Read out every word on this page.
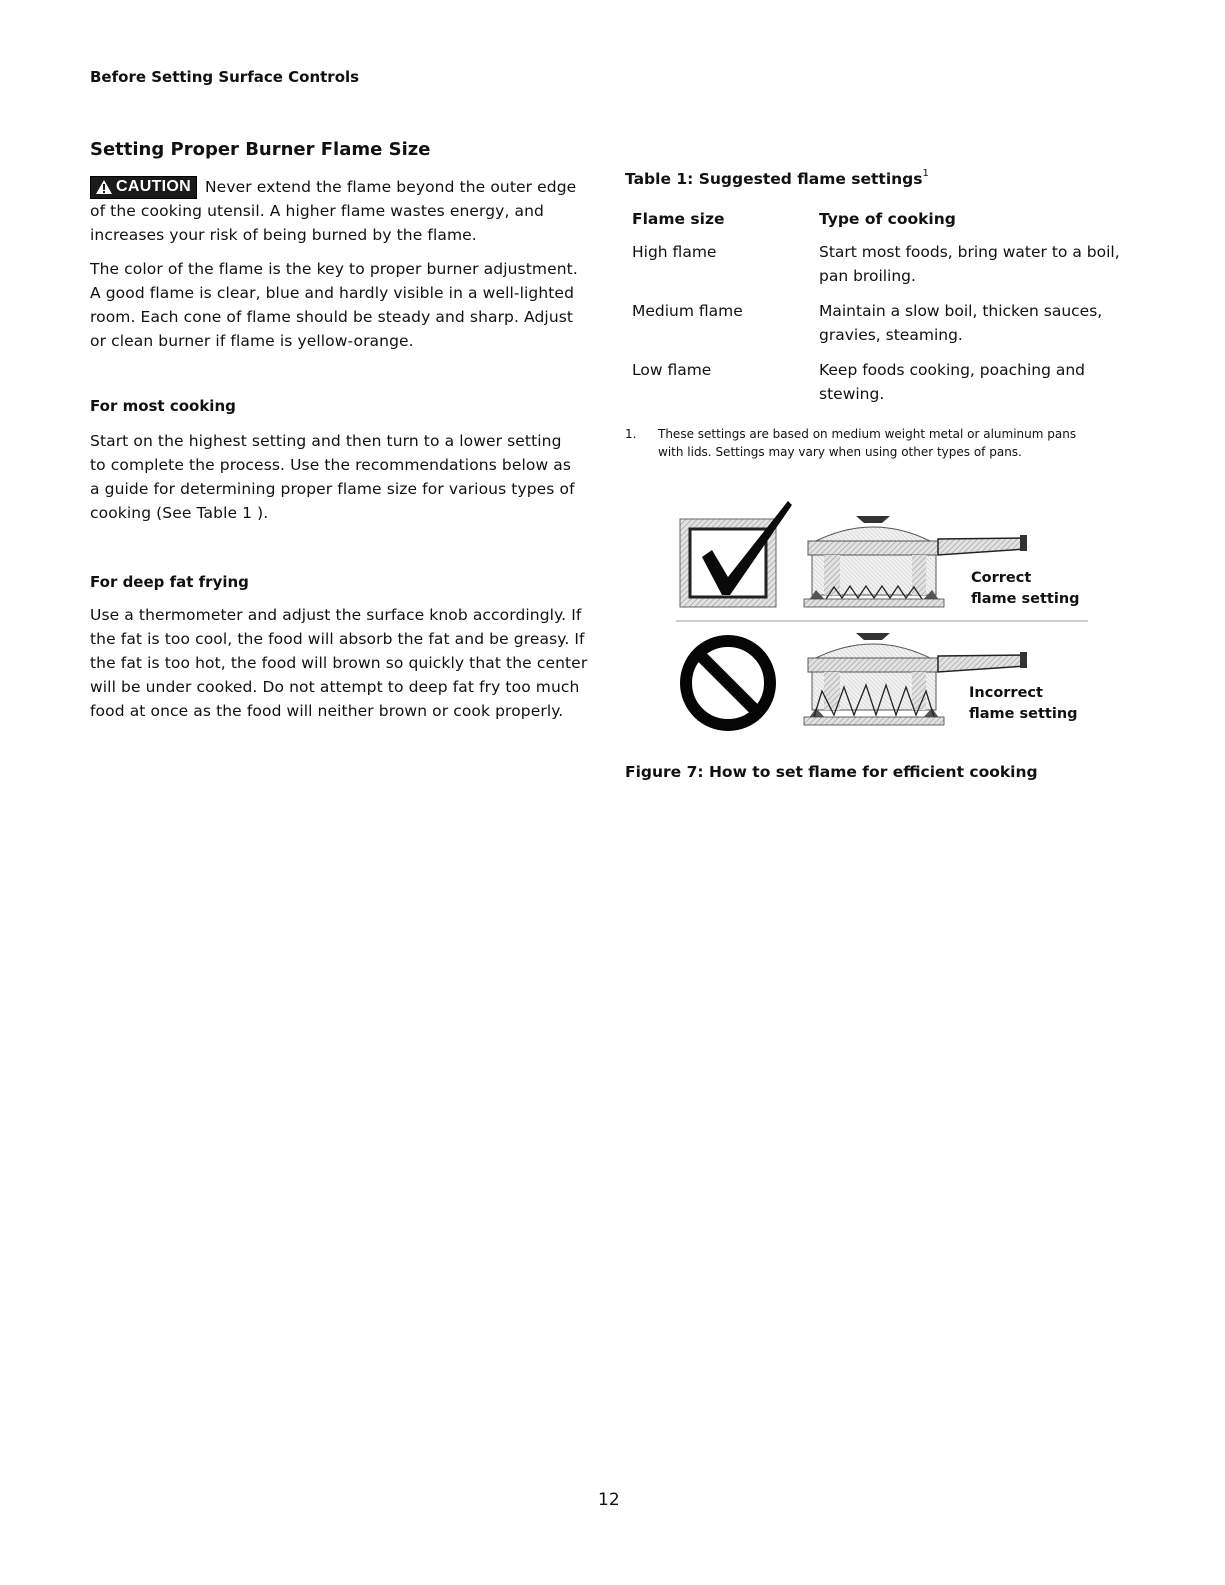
Before Setting Surface Controls
Setting Proper Burner Flame Size
CAUTION Never extend the flame beyond the outer edge of the cooking utensil. A higher flame wastes energy, and increases your risk of being burned by the flame.
The color of the flame is the key to proper burner adjustment. A good flame is clear, blue and hardly visible in a well-lighted room. Each cone of flame should be steady and sharp. Adjust or clean burner if flame is yellow-orange.
For most cooking
Start on the highest setting and then turn to a lower setting to complete the process. Use the recommendations below as a guide for determining proper flame size for various types of cooking (See Table 1 ).
For deep fat frying
Use a thermometer and adjust the surface knob accordingly. If the fat is too cool, the food will absorb the fat and be greasy. If the fat is too hot, the food will brown so quickly that the center will be under cooked. Do not attempt to deep fat fry too much food at once as the food will neither brown or cook properly.
Table 1: Suggested flame settings$^1$
Flame size	Type of cooking
High flame	Start most foods, bring water to a boil, pan broiling.
Medium flame	Maintain a slow boil, thicken sauces, gravies, steaming.
Low flame	Keep foods cooking, poaching and stewing.
1. These settings are based on medium weight metal or aluminum pans with lids. Settings may vary when using other types of pans.
Correct
flame setting
Incorrect
flame setting
Figure 7: How to set flame for efficient cooking
12
